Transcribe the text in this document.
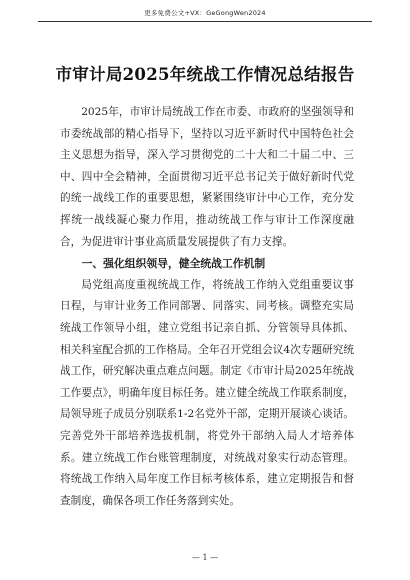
更多免费公文+VX：GeGongWen2024
市审计局2025年统战工作情况总结报告

2025年，市审计局统战工作在市委、市政府的坚强领导和市委统战部的精心指导下，坚持以习近平新时代中国特色社会主义思想为指导，深入学习贯彻党的二十大和二十届二中、三中、四中全会精神，全面贯彻习近平总书记关于做好新时代党的统一战线工作的重要思想，紧紧围绕审计中心工作，充分发挥统一战线凝心聚力作用，推动统战工作与审计工作深度融合，为促进审计事业高质量发展提供了有力支撑。

一、强化组织领导，健全统战工作机制

局党组高度重视统战工作，将统战工作纳入党组重要议事日程，与审计业务工作同部署、同落实、同考核。调整充实局统战工作领导小组，建立党组书记亲自抓、分管领导具体抓、相关科室配合抓的工作格局。全年召开党组会议4次专题研究统战工作，研究解决重点难点问题。制定《市审计局2025年统战工作要点》，明确年度目标任务。建立健全统战工作联系制度，局领导班子成员分别联系1-2名党外干部，定期开展谈心谈话。完善党外干部培养选拔机制，将党外干部纳入局人才培养体系。建立统战工作台账管理制度，对统战对象实行动态管理。将统战工作纳入局年度工作目标考核体系，建立定期报告和督查制度，确保各项工作任务落到实处。

— 1 —
